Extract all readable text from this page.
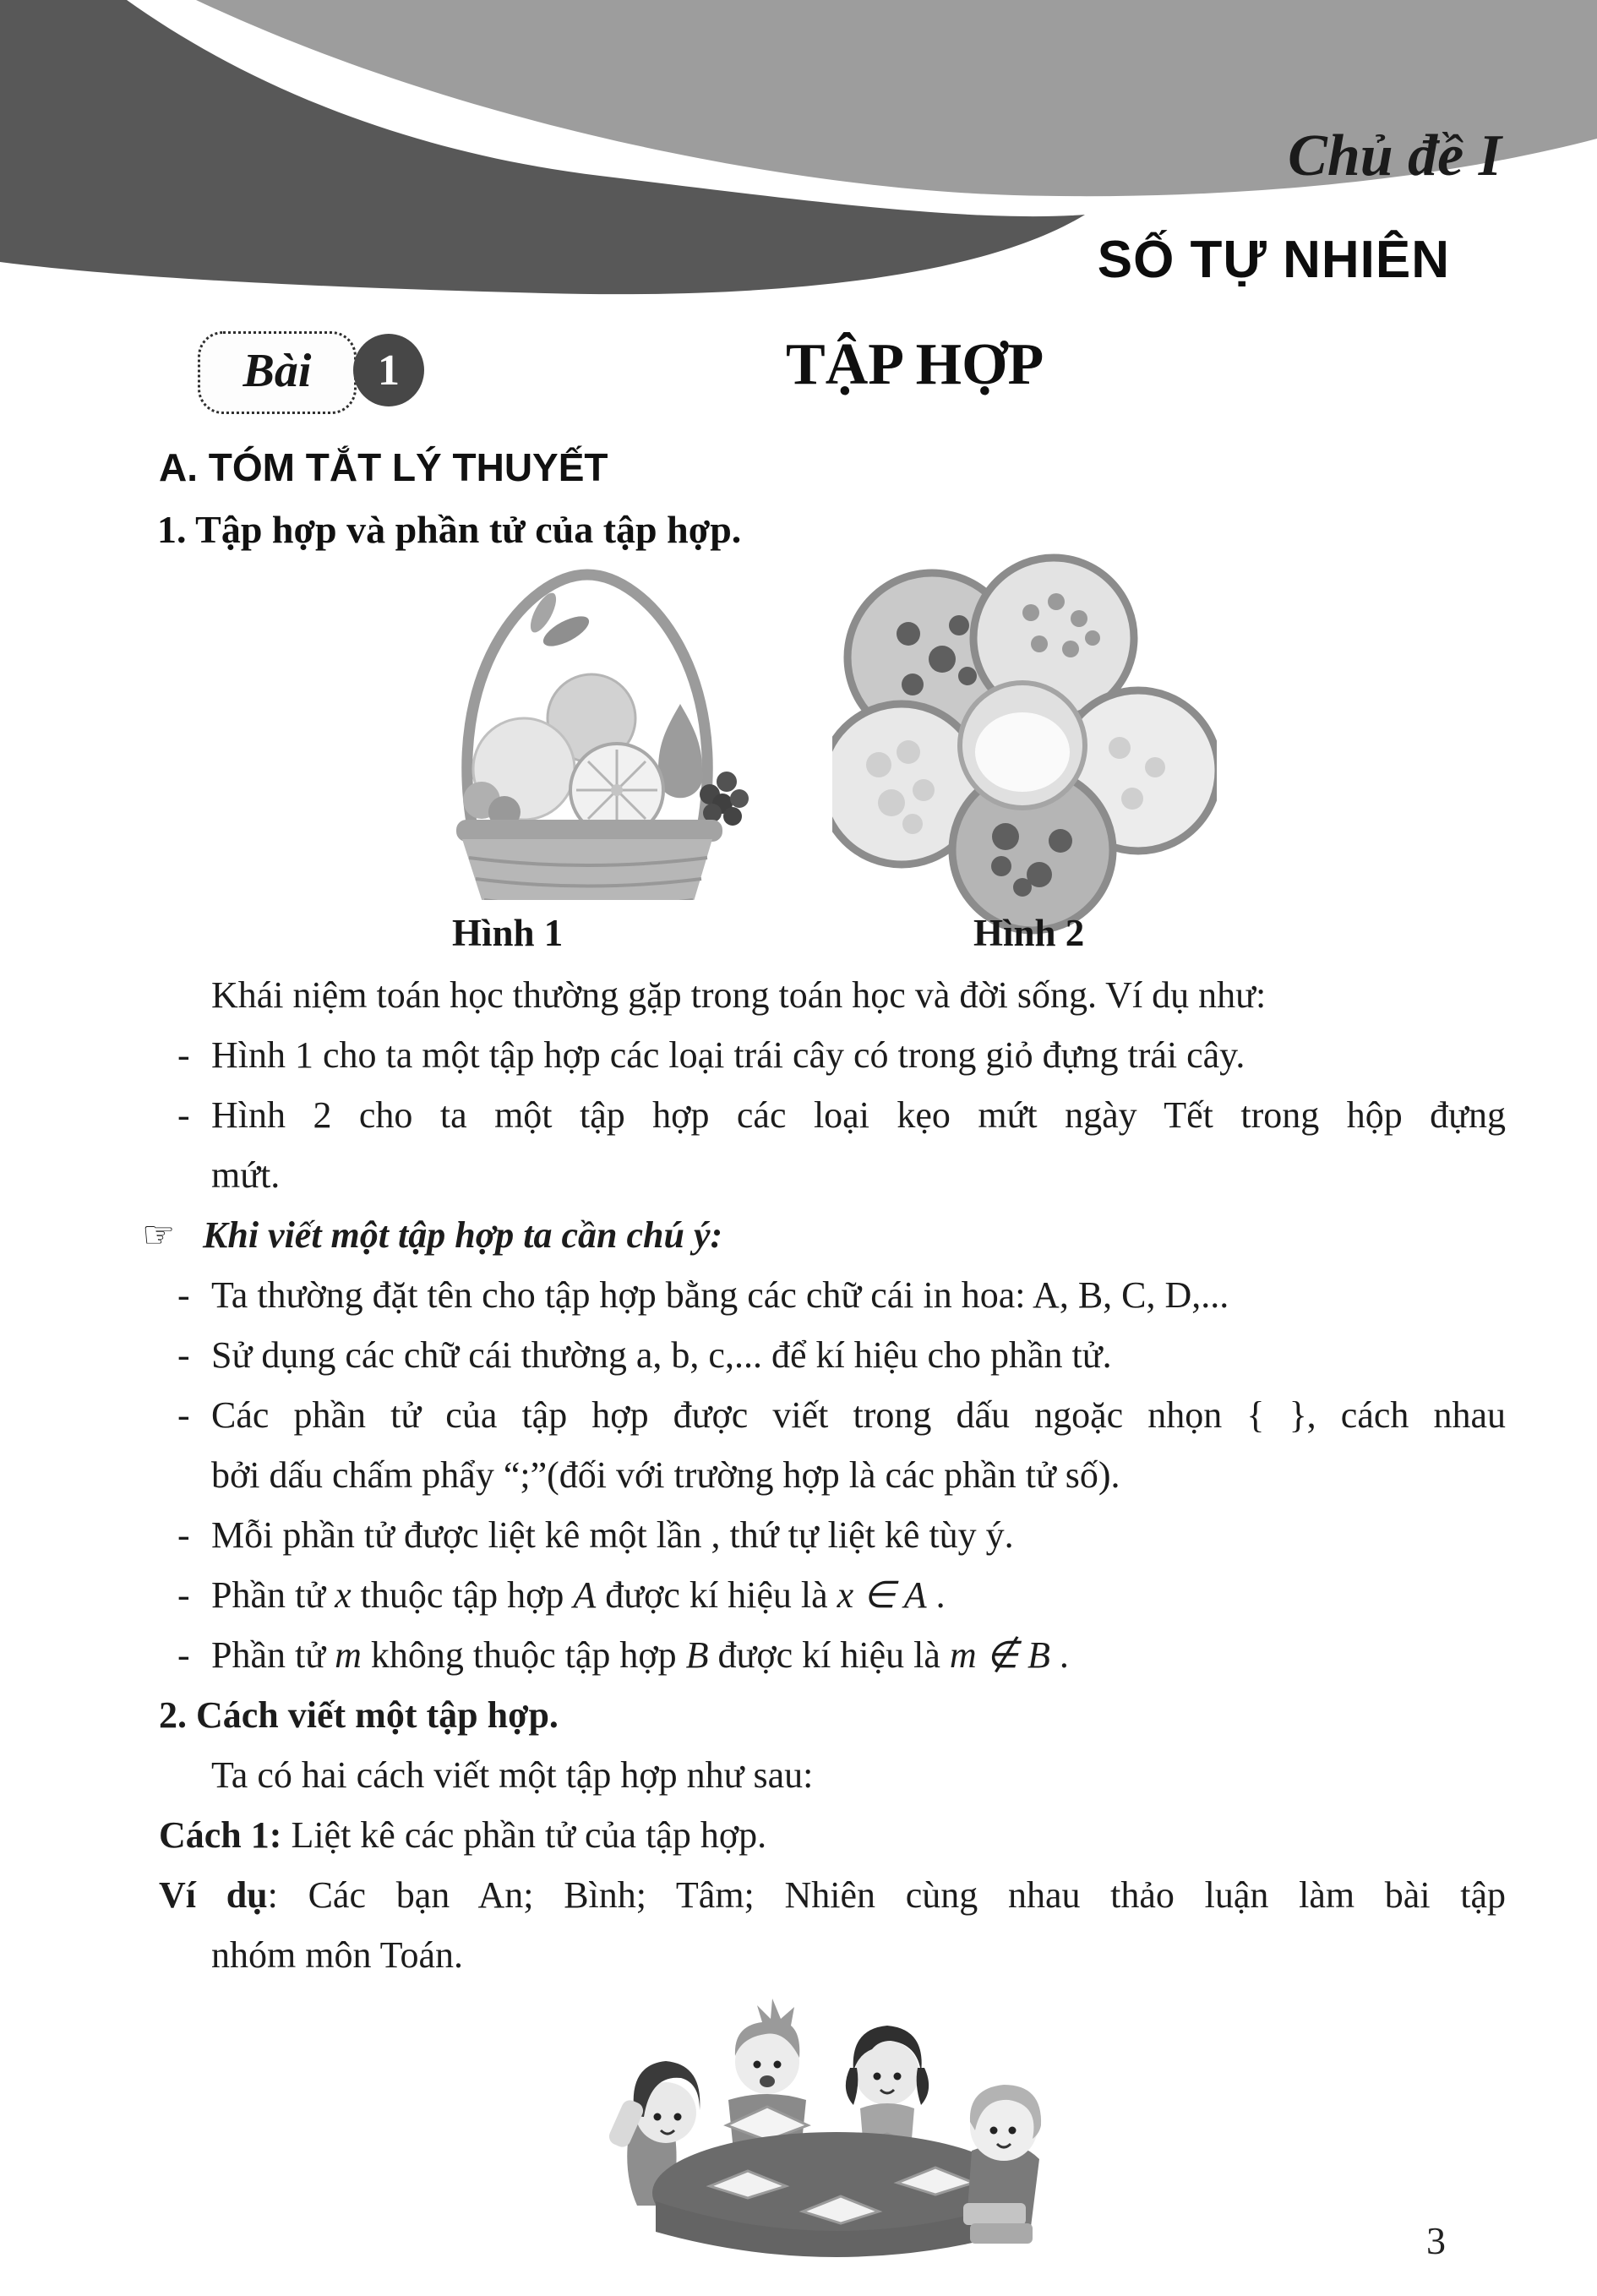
Chủ đề I
SỐ TỰ NHIÊN
Bài 1	TẬP HỢP
A. TÓM TẮT LÝ THUYẾT
1. Tập hợp và phần tử của tập hợp.
Hình 1	Hình 2
Khái niệm toán học thường gặp trong toán học và đời sống. Ví dụ như:
- Hình 1 cho ta một tập hợp các loại trái cây có trong giỏ đựng trái cây.
- Hình 2 cho ta một tập hợp các loại kẹo mứt ngày Tết trong hộp đựng
mứt.
☞ Khi viết một tập hợp ta cần chú ý:
- Ta thường đặt tên cho tập hợp bằng các chữ cái in hoa: A, B, C, D,...
- Sử dụng các chữ cái thường a, b, c,... để kí hiệu cho phần tử.
- Các phần tử của tập hợp được viết trong dấu ngoặc nhọn { }, cách nhau
bởi dấu chấm phẩy “;”(đối với trường hợp là các phần tử số).
- Mỗi phần tử được liệt kê một lần , thứ tự liệt kê tùy ý.
- Phần tử x thuộc tập hợp A được kí hiệu là x ∈ A .
- Phần tử m không thuộc tập hợp B được kí hiệu là m ∉ B .
2. Cách viết một tập hợp.
Ta có hai cách viết một tập hợp như sau:
Cách 1: Liệt kê các phần tử của tập hợp.
Ví dụ: Các bạn An; Bình; Tâm; Nhiên cùng nhau thảo luận làm bài tập
nhóm môn Toán.
3
